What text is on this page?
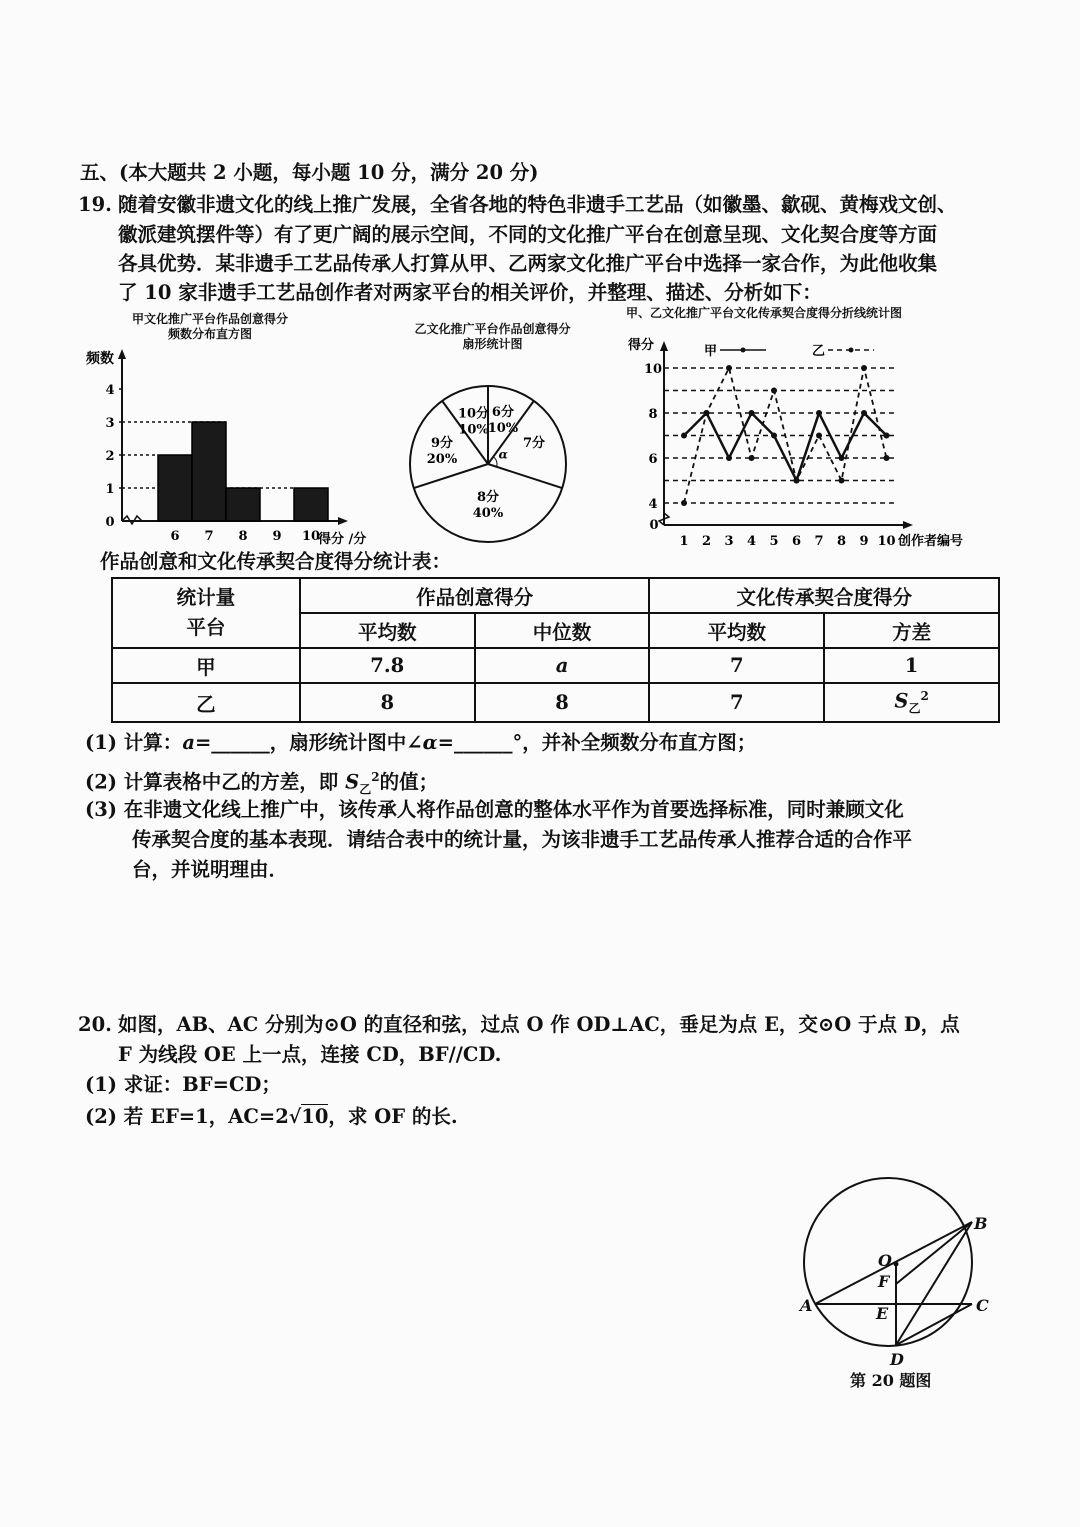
五、(本大题共 2 小题，每小题 10 分，满分 20 分)
19. 随着安徽非遗文化的线上推广发展，全省各地的特色非遗手工艺品（如徽墨、歙砚、黄梅戏文创、
徽派建筑摆件等）有了更广阔的展示空间，不同的文化推广平台在创意呈现、文化契合度等方面
各具优势．某非遗手工艺品传承人打算从甲、乙两家文化推广平台中选择一家合作，为此他收集
了 10 家非遗手工艺品创作者对两家平台的相关评价，并整理、描述、分析如下：
甲文化推广平台作品创意得分
频数分布直方图
频数
0
1
2
3
4
6 7 8 9 10
得分 /分
乙文化推广平台作品创意得分
扇形统计图
10分
10%
6分
10%
7分
α
8分
40%
9分
20%
甲、乙文化推广平台文化传承契合度得分折线统计图
得分
0
4
6
8
10
1 2 3 4 5 6 7 8 9 10 创作者编号
甲	乙
作品创意和文化传承契合度得分统计表：
统计量
平台	作品创意得分		文化传承契合度得分	
	平均数	中位数	平均数	方差
甲	7.8	a	7	1
乙	8	8	7	$S_乙^2$
(1) 计算：a=______，扇形统计图中∠α=______°，并补全频数分布直方图；
(2) 计算表格中乙的方差，即 $S_乙^2$的值；
(3) 在非遗文化线上推广中，该传承人将作品创意的整体水平作为首要选择标准，同时兼顾文化
传承契合度的基本表现．请结合表中的统计量，为该非遗手工艺品传承人推荐合适的合作平
台，并说明理由．
20. 如图，AB、AC 分别为⊙O 的直径和弦，过点 O 作 OD⊥AC，垂足为点 E，交⊙O 于点 D，点
F 为线段 OE 上一点，连接 CD，BF//CD.
(1) 求证：BF=CD；
(2) 若 EF=1，AC=2√10，求 OF 的长.
O
F
E
A	C
B
D
第 20 题图
